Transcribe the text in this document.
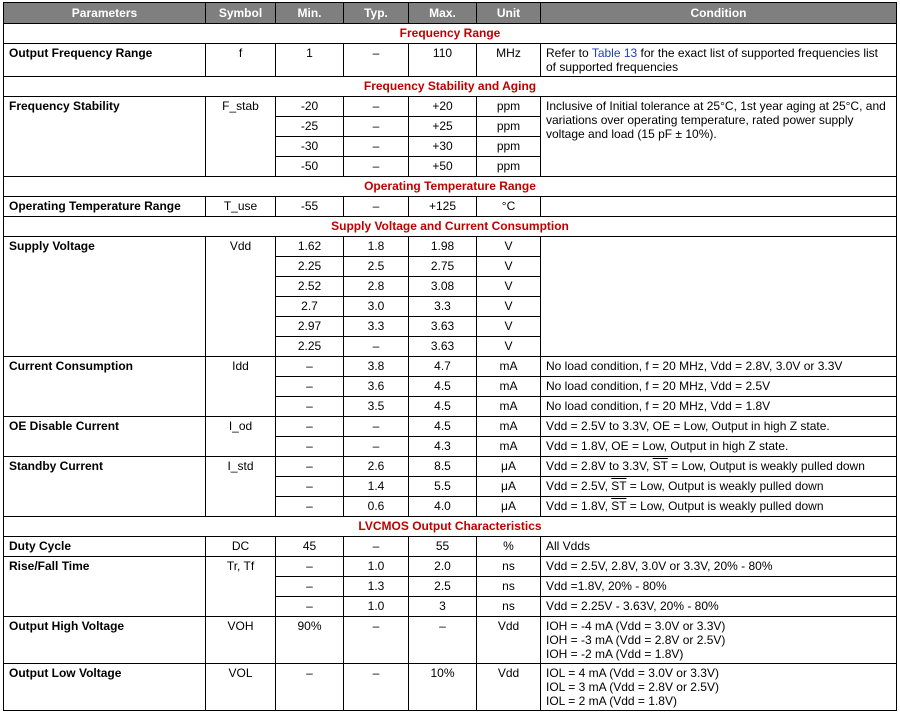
Parameters	Symbol	Min.	Typ.	Max.	Unit	Condition
Frequency Range						
Output Frequency Range	f	1	–	110	MHz	Refer to Table 13 for the exact list of supported frequencies list of supported frequencies
Frequency Stability and Aging						
Frequency Stability	F_stab	-20	–	+20	ppm	Inclusive of Initial tolerance at 25°C, 1st year aging at 25°C, and variations over operating temperature, rated power supply voltage and load (15 pF ± 10%).
		-25	–	+25	ppm	
		-30	–	+30	ppm	
		-50	–	+50	ppm	
Operating Temperature Range						
Operating Temperature Range	T_use	-55	–	+125	°C	
Supply Voltage and Current Consumption						
Supply Voltage	Vdd	1.62	1.8	1.98	V	
		2.25	2.5	2.75	V	
		2.52	2.8	3.08	V	
		2.7	3.0	3.3	V	
		2.97	3.3	3.63	V	
		2.25	–	3.63	V	
Current Consumption	Idd	–	3.8	4.7	mA	No load condition, f = 20 MHz, Vdd = 2.8V, 3.0V or 3.3V
		–	3.6	4.5	mA	No load condition, f = 20 MHz, Vdd = 2.5V
		–	3.5	4.5	mA	No load condition, f = 20 MHz, Vdd = 1.8V
OE Disable Current	I_od	–	–	4.5	mA	Vdd = 2.5V to 3.3V, OE = Low, Output in high Z state.
		–	–	4.3	mA	Vdd = 1.8V, OE = Low, Output in high Z state.
Standby Current	I_std	–	2.6	8.5	μA	Vdd = 2.8V to 3.3V, $\overline{ST}$ = Low, Output is weakly pulled down
		–	1.4	5.5	μA	Vdd = 2.5V, $\overline{ST}$ = Low, Output is weakly pulled down
		–	0.6	4.0	μA	Vdd = 1.8V, $\overline{ST}$ = Low, Output is weakly pulled down
LVCMOS Output Characteristics						
Duty Cycle	DC	45	–	55	%	All Vdds
Rise/Fall Time	Tr, Tf	–	1.0	2.0	ns	Vdd = 2.5V, 2.8V, 3.0V or 3.3V, 20% - 80%
		–	1.3	2.5	ns	Vdd =1.8V, 20% - 80%
		–	1.0	3	ns	Vdd = 2.25V - 3.63V, 20% - 80%
Output High Voltage	VOH	90%	–	–	Vdd	IOH = -4 mA (Vdd = 3.0V or 3.3V)
IOH = -3 mA (Vdd = 2.8V or 2.5V)
IOH = -2 mA (Vdd = 1.8V)

Output Low Voltage	VOL	–	–	10%	Vdd	IOL = 4 mA (Vdd = 3.0V or 3.3V)
IOL = 3 mA (Vdd = 2.8V or 2.5V)
IOL = 2 mA (Vdd = 1.8V)
